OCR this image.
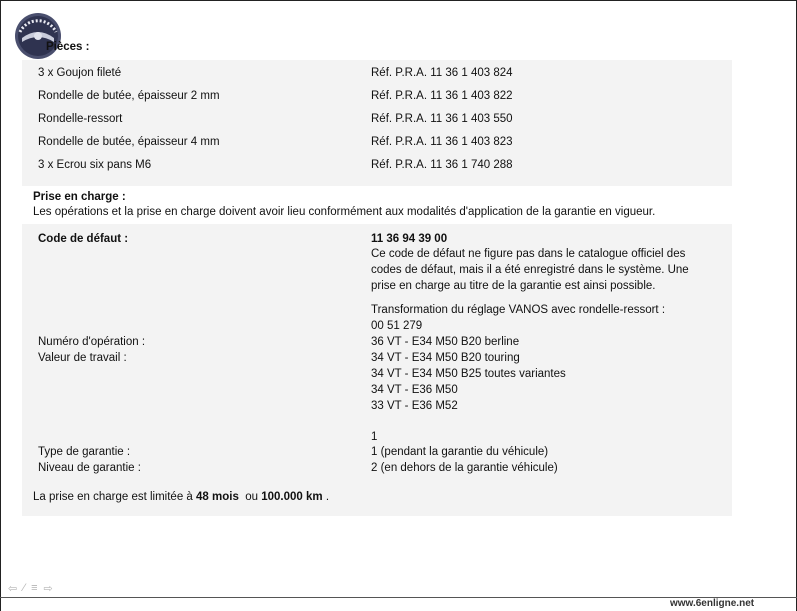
Pièces :
3 x Goujon fileté	Réf. P.R.A. 11 36 1 403 824
Rondelle de butée, épaisseur 2 mm	Réf. P.R.A. 11 36 1 403 822
Rondelle-ressort	Réf. P.R.A. 11 36 1 403 550
Rondelle de butée, épaisseur 4 mm	Réf. P.R.A. 11 36 1 403 823
3 x Ecrou six pans M6	Réf. P.R.A. 11 36 1 740 288
Prise en charge :
Les opérations et la prise en charge doivent avoir lieu conformément aux modalités d'application de la garantie en vigueur.
Code de défaut :	11 36 94 39 00
Ce code de défaut ne figure pas dans le catalogue officiel des
codes de défaut, mais il a été enregistré dans le système. Une
prise en charge au titre de la garantie est ainsi possible.
Transformation du réglage VANOS avec rondelle-ressort :
00 51 279
Numéro d'opération :	36 VT - E34 M50 B20 berline
Valeur de travail :	34 VT - E34 M50 B20 touring
34 VT - E34 M50 B25 toutes variantes
34 VT - E36 M50
33 VT - E36 M52
1
Type de garantie :	1 (pendant la garantie du véhicule)
Niveau de garantie :	2 (en dehors de la garantie véhicule)
La prise en charge est limitée à 48 mois  ou 100.000 km .
⇦ ⁄ ≡ ⇨
www.6enligne.net
